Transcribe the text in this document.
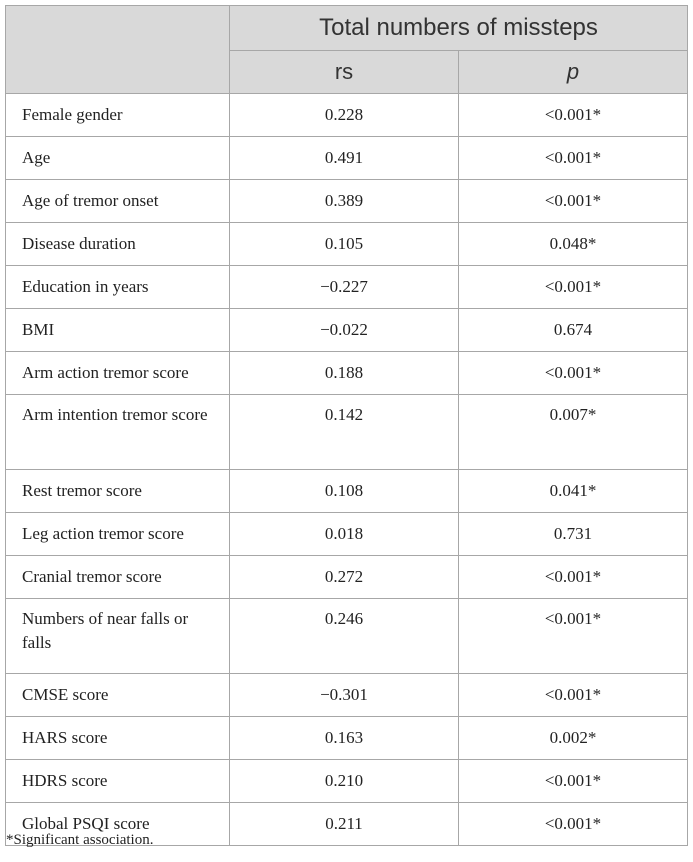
	Total numbers of missteps	
	rs	p
Female gender	0.228	<0.001*
Age	0.491	<0.001*
Age of tremor onset	0.389	<0.001*
Disease duration	0.105	0.048*
Education in years	−0.227	<0.001*
BMI	−0.022	0.674
Arm action tremor score	0.188	<0.001*
Arm intention tremor score	0.142	0.007*
Rest tremor score	0.108	0.041*
Leg action tremor score	0.018	0.731
Cranial tremor score	0.272	<0.001*
Numbers of near falls or falls	0.246	<0.001*
CMSE score	−0.301	<0.001*
HARS score	0.163	0.002*
HDRS score	0.210	<0.001*
Global PSQI score	0.211	<0.001*
*Significant association.
